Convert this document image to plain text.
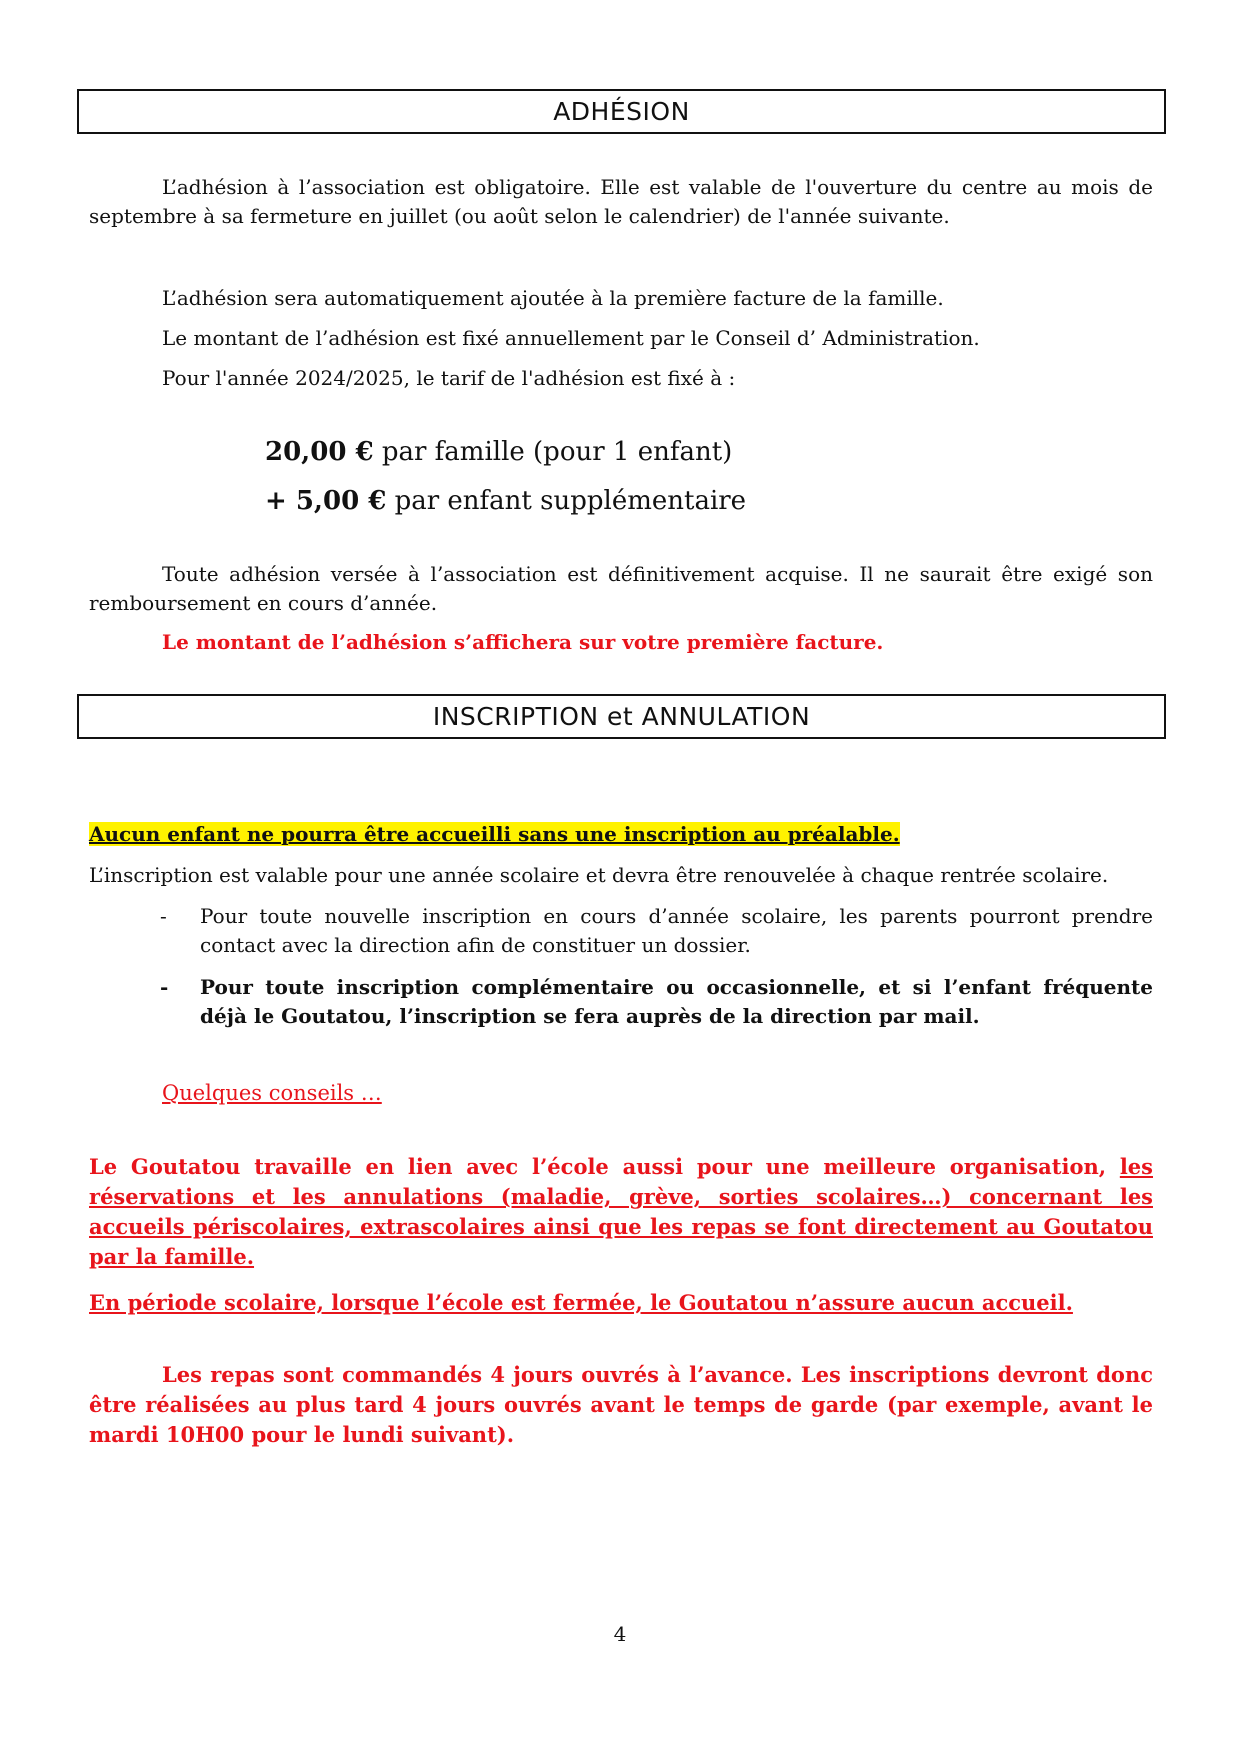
ADHÉSION

L’adhésion à l’association est obligatoire. Elle est valable de l'ouverture du centre au mois de septembre à sa fermeture en juillet (ou août selon le calendrier) de l'année suivante.

L’adhésion sera automatiquement ajoutée à la première facture de la famille.

Le montant de l’adhésion est fixé annuellement par le Conseil d’ Administration.

Pour l'année 2024/2025, le tarif de l'adhésion est fixé à :

20,00 € par famille (pour 1 enfant)
+ 5,00 € par enfant supplémentaire

Toute adhésion versée à l’association est définitivement acquise. Il ne saurait être exigé son remboursement en cours d’année.

Le montant de l’adhésion s’affichera sur votre première facture.

INSCRIPTION et ANNULATION

Aucun enfant ne pourra être accueilli sans une inscription au préalable.

L’inscription est valable pour une année scolaire et devra être renouvelée à chaque rentrée scolaire.

- Pour toute nouvelle inscription en cours d’année scolaire, les parents pourront prendre contact avec la direction afin de constituer un dossier.
- Pour toute inscription complémentaire ou occasionnelle, et si l’enfant fréquente déjà le Goutatou, l’inscription se fera auprès de la direction par mail.

Quelques conseils …

Le Goutatou travaille en lien avec l’école aussi pour une meilleure organisation, les réservations et les annulations (maladie, grève, sorties scolaires…) concernant les accueils périscolaires, extrascolaires ainsi que les repas se font directement au Goutatou par la famille.

En période scolaire, lorsque l’école est fermée, le Goutatou n’assure aucun accueil.

Les repas sont commandés 4 jours ouvrés à l’avance. Les inscriptions devront donc être réalisées au plus tard 4 jours ouvrés avant le temps de garde (par exemple, avant le mardi 10H00 pour le lundi suivant).

4
